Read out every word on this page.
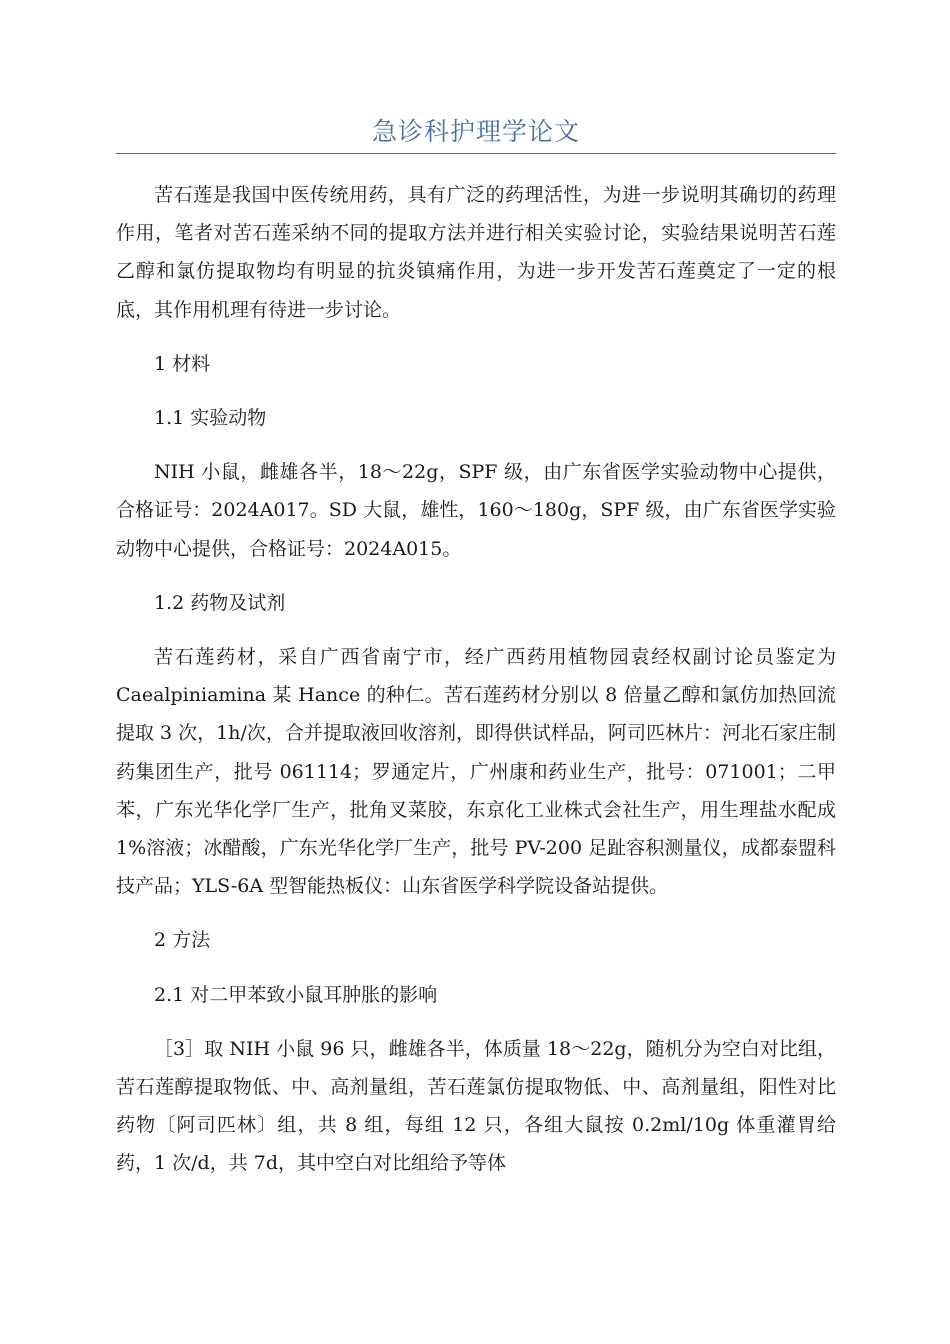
急诊科护理学论文

苦石莲是我国中医传统用药，具有广泛的药理活性，为进一步说明其确切的药理作用，笔者对苦石莲采纳不同的提取方法并进行相关实验讨论，实验结果说明苦石莲乙醇和氯仿提取物均有明显的抗炎镇痛作用，为进一步开发苦石莲奠定了一定的根底，其作用机理有待进一步讨论。

1 材料

1.1 实验动物

NIH 小鼠，雌雄各半，18～22g，SPF 级，由广东省医学实验动物中心提供，合格证号：2024A017。SD 大鼠，雄性，160～180g，SPF 级，由广东省医学实验动物中心提供，合格证号：2024A015。

1.2 药物及试剂

苦石莲药材，采自广西省南宁市，经广西药用植物园袁经权副讨论员鉴定为 Caealpiniamina 某 Hance 的种仁。苦石莲药材分别以 8 倍量乙醇和氯仿加热回流提取 3 次，1h/次，合并提取液回收溶剂，即得供试样品，阿司匹林片：河北石家庄制药集团生产，批号 061114；罗通定片，广州康和药业生产，批号：071001；二甲苯，广东光华化学厂生产，批角叉菜胶，东京化工业株式会社生产，用生理盐水配成 1%溶液；冰醋酸，广东光华化学厂生产，批号 PV-200 足趾容积测量仪，成都泰盟科技产品；YLS-6A 型智能热板仪：山东省医学科学院设备站提供。

2 方法

2.1 对二甲苯致小鼠耳肿胀的影响

［3］取 NIH 小鼠 96 只，雌雄各半，体质量 18～22g，随机分为空白对比组，苦石莲醇提取物低、中、高剂量组，苦石莲氯仿提取物低、中、高剂量组，阳性对比药物〔阿司匹林〕组，共 8 组，每组 12 只，各组大鼠按 0.2ml/10g 体重灌胃给药，1 次/d，共 7d，其中空白对比组给予等体
